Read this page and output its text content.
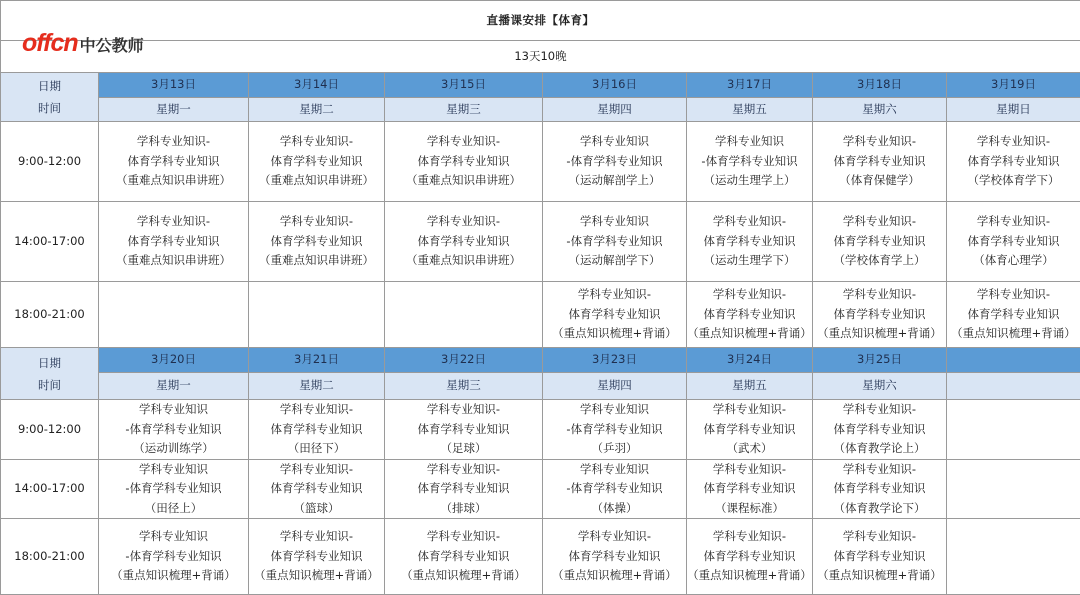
直播课安排【体育】							
13天10晚							

日期
时间	3月13日	3月14日	3月15日	3月16日	3月17日	3月18日	3月19日
	星期一	星期二	星期三	星期四	星期五	星期六	星期日
9:00-12:00	学科专业知识-
体育学科专业知识
（重难点知识串讲班）	学科专业知识-
体育学科专业知识
（重难点知识串讲班）	学科专业知识-
体育学科专业知识
（重难点知识串讲班）	学科专业知识
-体育学科专业知识
（运动解剖学上）	学科专业知识
-体育学科专业知识
（运动生理学上）	学科专业知识-
体育学科专业知识
（体育保健学）	学科专业知识-
体育学科专业知识
（学校体育学下）

14:00-17:00	学科专业知识-
体育学科专业知识
（重难点知识串讲班）	学科专业知识-
体育学科专业知识
（重难点知识串讲班）	学科专业知识-
体育学科专业知识
（重难点知识串讲班）	学科专业知识
-体育学科专业知识
（运动解剖学下）	学科专业知识-
体育学科专业知识
（运动生理学下）	学科专业知识-
体育学科专业知识
（学校体育学上）	学科专业知识-
体育学科专业知识
（体育心理学）

18:00-21:00				学科专业知识-
体育学科专业知识
（重点知识梳理+背诵）	学科专业知识-
体育学科专业知识
（重点知识梳理+背诵）	学科专业知识-
体育学科专业知识
（重点知识梳理+背诵）	学科专业知识-
体育学科专业知识
（重点知识梳理+背诵）

日期
时间	3月20日	3月21日	3月22日	3月23日	3月24日	3月25日	
	星期一	星期二	星期三	星期四	星期五	星期六	
9:00-12:00	学科专业知识
-体育学科专业知识
（运动训练学）	学科专业知识-
体育学科专业知识
（田径下）	学科专业知识-
体育学科专业知识
（足球）	学科专业知识
-体育学科专业知识
（乒羽）	学科专业知识-
体育学科专业知识
（武术）	学科专业知识-
体育学科专业知识
（体育教学论上）	

14:00-17:00	学科专业知识
-体育学科专业知识
（田径上）	学科专业知识-
体育学科专业知识
（篮球）	学科专业知识-
体育学科专业知识
（排球）	学科专业知识
-体育学科专业知识
（体操）	学科专业知识-
体育学科专业知识
（课程标准）	学科专业知识-
体育学科专业知识
（体育教学论下）	

18:00-21:00	学科专业知识
-体育学科专业知识
（重点知识梳理+背诵）	学科专业知识-
体育学科专业知识
（重点知识梳理+背诵）	学科专业知识-
体育学科专业知识
（重点知识梳理+背诵）	学科专业知识-
体育学科专业知识
（重点知识梳理+背诵）	学科专业知识-
体育学科专业知识
（重点知识梳理+背诵）	学科专业知识-
体育学科专业知识
（重点知识梳理+背诵）	

offcn 中公教师
